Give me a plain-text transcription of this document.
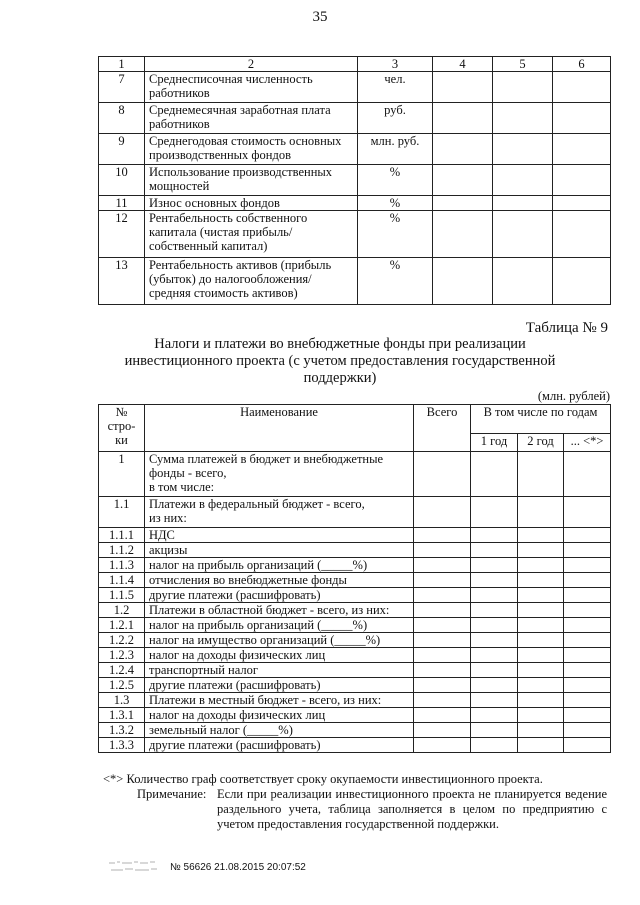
35
1	2	3	4	5	6
7	Среднесписочная численность работников	чел.			
8	Среднемесячная заработная плата работников	руб.			
9	Среднегодовая стоимость основных производственных фондов	млн. руб.			
10	Использование производственных мощностей	%			
11	Износ основных фондов	%			
12	Рентабельность собственного капитала (чистая прибыль/собственный капитал)	%			
13	Рентабельность активов (прибыль (убыток) до налогообложения/ средняя стоимость активов)	%			
Таблица № 9
Налоги и платежи во внебюджетные фонды при реализации инвестиционного проекта (с учетом предоставления государственной поддержки)
(млн. рублей)
№ стро- ки	Наименование	Всего	В том числе по годам		
			1 год	2 год	... <*>
1	Сумма платежей в бюджет и внебюджетные фонды - всего,
в том числе:				
1.1	Платежи в федеральный бюджет - всего,
из них:				
1.1.1	НДС				
1.1.2	акцизы				
1.1.3	налог на прибыль организаций (_____%)				
1.1.4	отчисления во внебюджетные фонды				
1.1.5	другие платежи (расшифровать)				
1.2	Платежи в областной бюджет - всего, из них:				
1.2.1	налог на прибыль организаций (_____%)				
1.2.2	налог на имущество организаций (_____%)				
1.2.3	налог на доходы физических лиц				
1.2.4	транспортный налог				
1.2.5	другие платежи (расшифровать)				
1.3	Платежи в местный бюджет - всего, из них:				
1.3.1	налог на доходы физических лиц				
1.3.2	земельный налог (_____%)				
1.3.3	другие платежи (расшифровать)				
<*> Количество граф соответствует сроку окупаемости инвестиционного проекта.
Примечание: Если при реализации инвестиционного проекта не планируется ведение раздельного учета, таблица заполняется в целом по предприятию с учетом предоставления государственной поддержки.
№ 56626 21.08.2015 20:07:52
